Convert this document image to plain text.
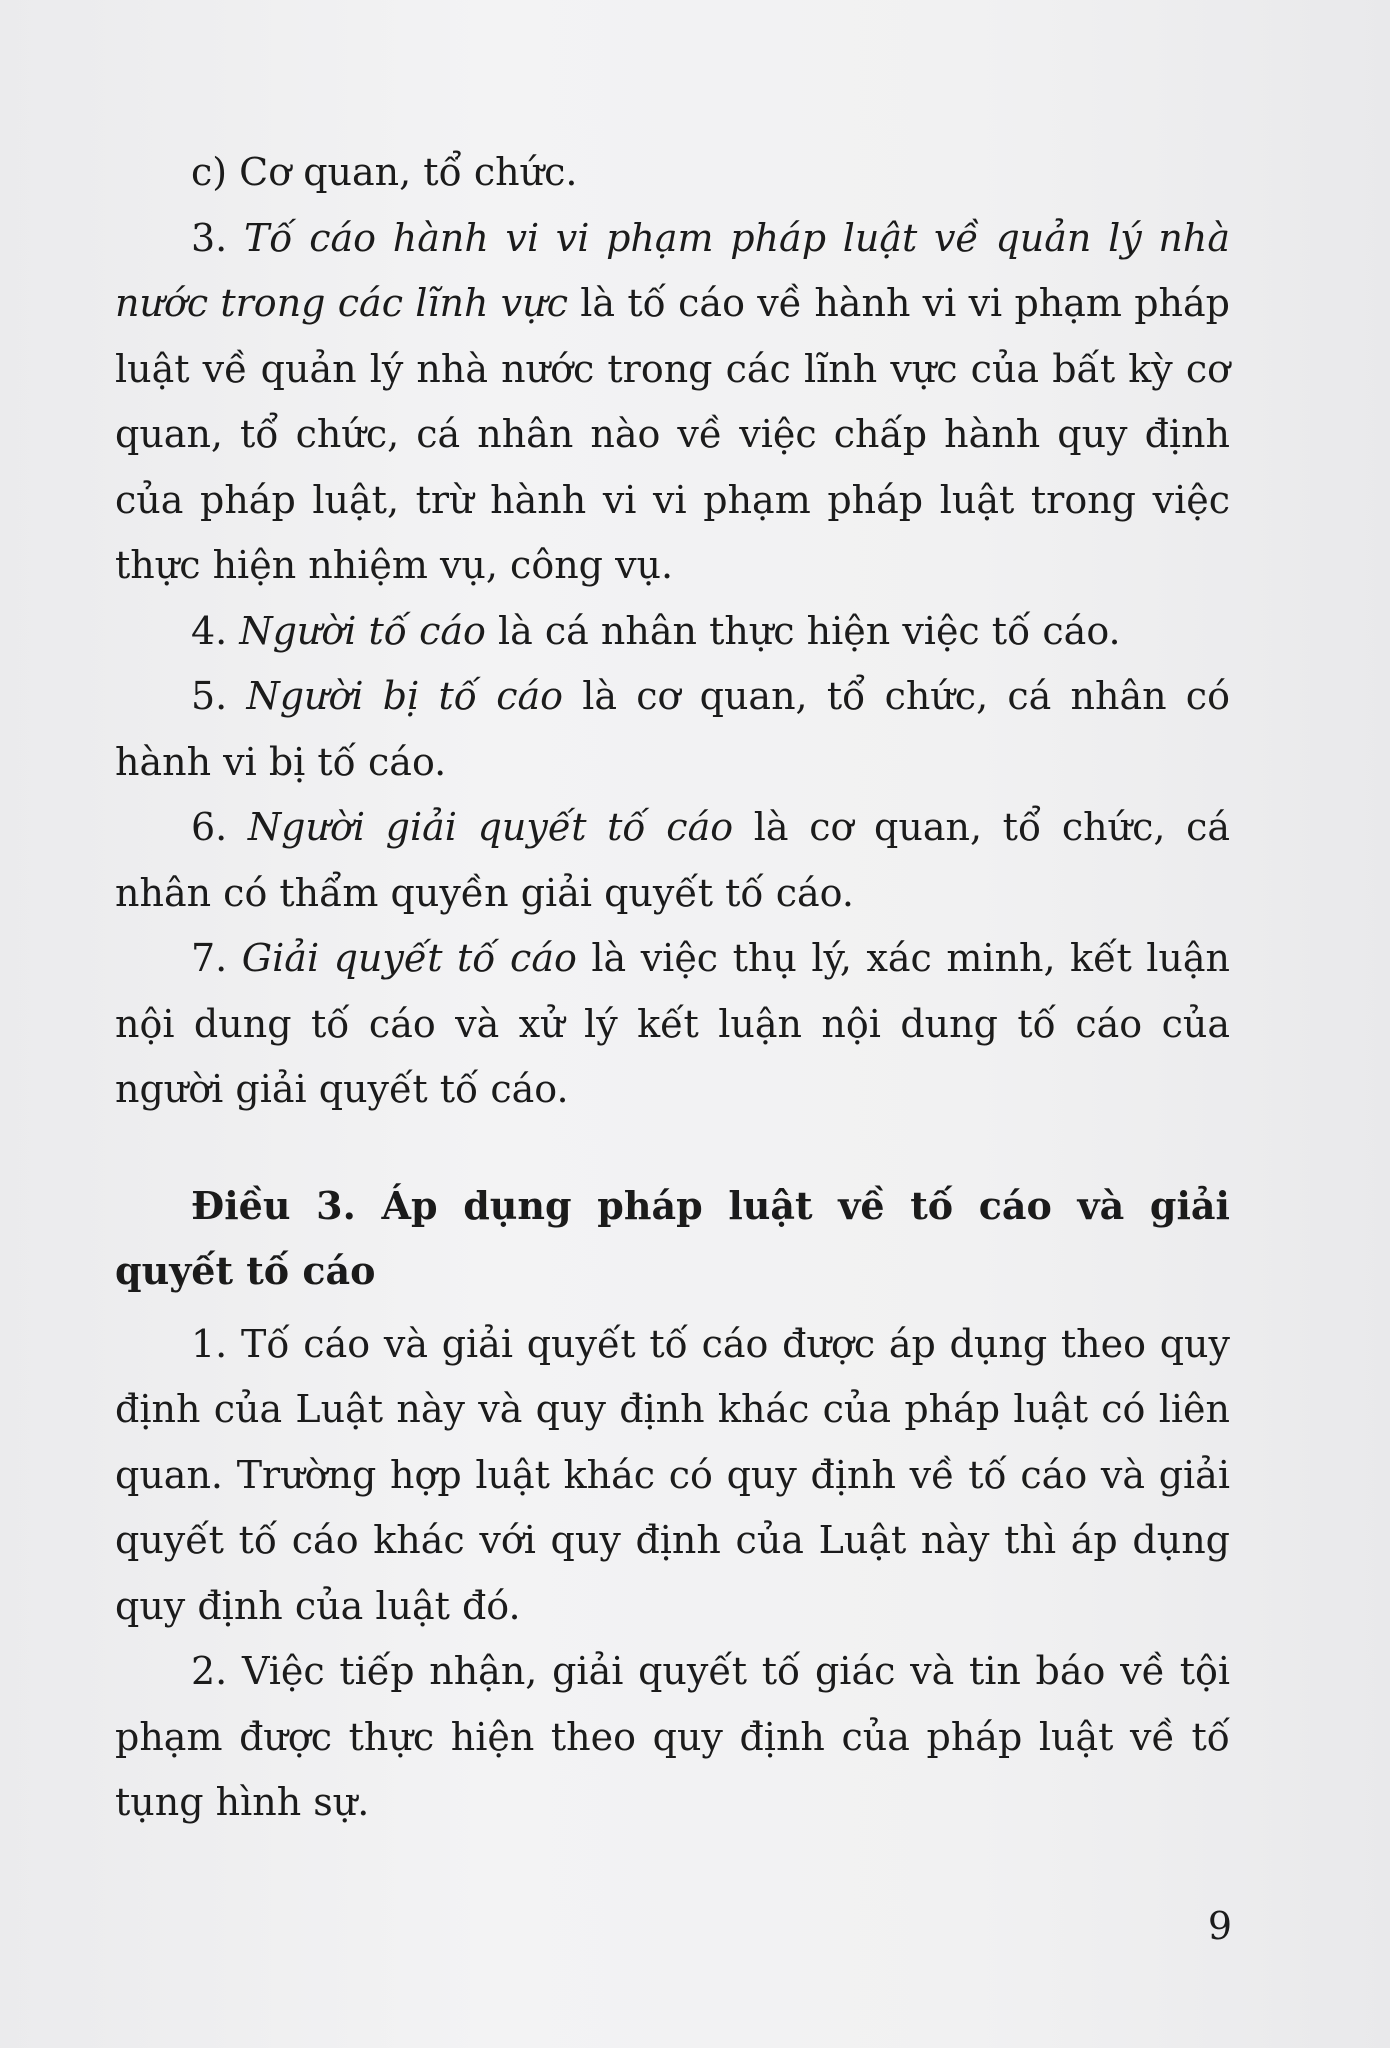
c) Cơ quan, tổ chức.

3. Tố cáo hành vi vi phạm pháp luật về quản lý nhà nước trong các lĩnh vực là tố cáo về hành vi vi phạm pháp luật về quản lý nhà nước trong các lĩnh vực của bất kỳ cơ quan, tổ chức, cá nhân nào về việc chấp hành quy định của pháp luật, trừ hành vi vi phạm pháp luật trong việc thực hiện nhiệm vụ, công vụ.

4. Người tố cáo là cá nhân thực hiện việc tố cáo.

5. Người bị tố cáo là cơ quan, tổ chức, cá nhân có hành vi bị tố cáo.

6. Người giải quyết tố cáo là cơ quan, tổ chức, cá nhân có thẩm quyền giải quyết tố cáo.

7. Giải quyết tố cáo là việc thụ lý, xác minh, kết luận nội dung tố cáo và xử lý kết luận nội dung tố cáo của người giải quyết tố cáo.

Điều 3. Áp dụng pháp luật về tố cáo và giải quyết tố cáo

1. Tố cáo và giải quyết tố cáo được áp dụng theo quy định của Luật này và quy định khác của pháp luật có liên quan. Trường hợp luật khác có quy định về tố cáo và giải quyết tố cáo khác với quy định của Luật này thì áp dụng quy định của luật đó.

2. Việc tiếp nhận, giải quyết tố giác và tin báo về tội phạm được thực hiện theo quy định của pháp luật về tố tụng hình sự.

9
